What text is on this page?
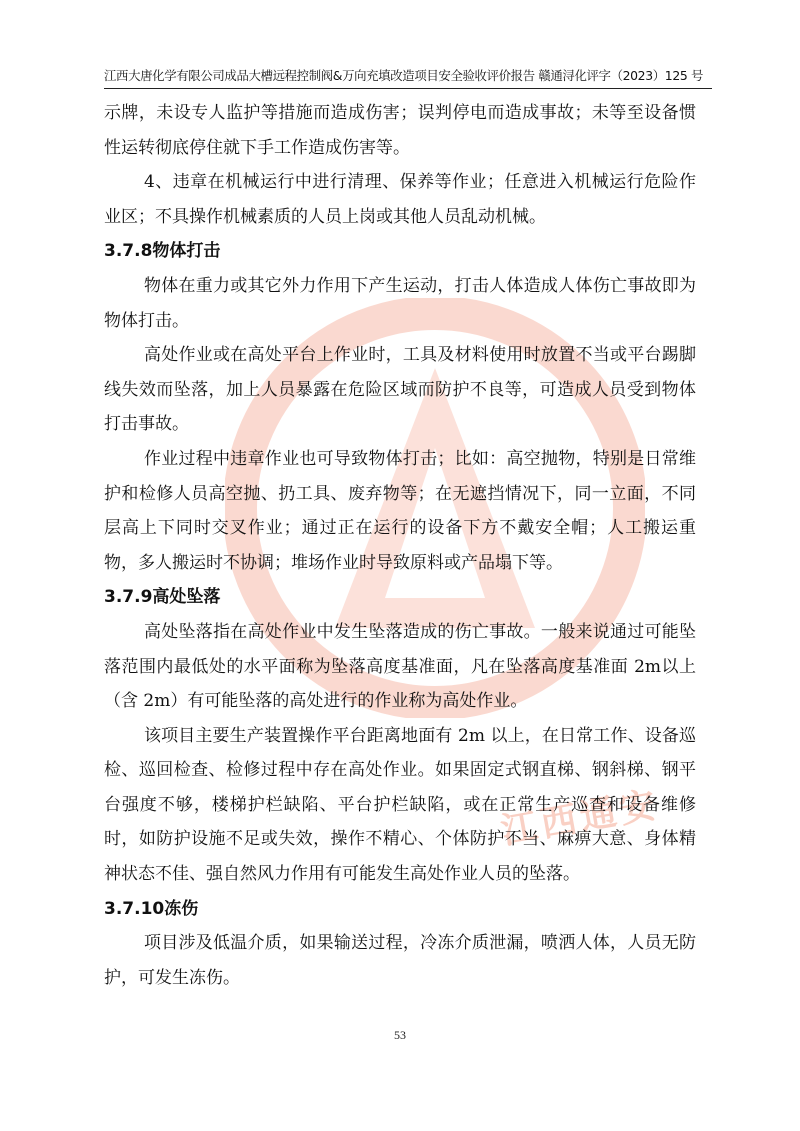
江西大唐化学有限公司成品大槽远程控制阀&万向充填改造项目安全验收评价报告 赣通浔化评字（2023）125 号
江西通安

示牌，未设专人监护等措施而造成伤害；误判停电而造成事故；未等至设备惯性运转彻底停住就下手工作造成伤害等。

4、违章在机械运行中进行清理、保养等作业；任意进入机械运行危险作业区；不具操作机械素质的人员上岗或其他人员乱动机械。

3.7.8物体打击

物体在重力或其它外力作用下产生运动，打击人体造成人体伤亡事故即为物体打击。

高处作业或在高处平台上作业时，工具及材料使用时放置不当或平台踢脚线失效而坠落，加上人员暴露在危险区域而防护不良等，可造成人员受到物体打击事故。

作业过程中违章作业也可导致物体打击；比如：高空抛物，特别是日常维护和检修人员高空抛、扔工具、废弃物等；在无遮挡情况下，同一立面，不同层高上下同时交叉作业；通过正在运行的设备下方不戴安全帽；人工搬运重物，多人搬运时不协调；堆场作业时导致原料或产品塌下等。

3.7.9高处坠落

高处坠落指在高处作业中发生坠落造成的伤亡事故。一般来说通过可能坠落范围内最低处的水平面称为坠落高度基准面，凡在坠落高度基准面 2m以上（含 2m）有可能坠落的高处进行的作业称为高处作业。

该项目主要生产装置操作平台距离地面有 2m 以上，在日常工作、设备巡检、巡回检查、检修过程中存在高处作业。如果固定式钢直梯、钢斜梯、钢平台强度不够，楼梯护栏缺陷、平台护栏缺陷，或在正常生产巡查和设备维修时，如防护设施不足或失效，操作不精心、个体防护不当、麻痹大意、身体精神状态不佳、强自然风力作用有可能发生高处作业人员的坠落。

3.7.10冻伤

项目涉及低温介质，如果输送过程，冷冻介质泄漏，喷洒人体，人员无防护，可发生冻伤。

53
